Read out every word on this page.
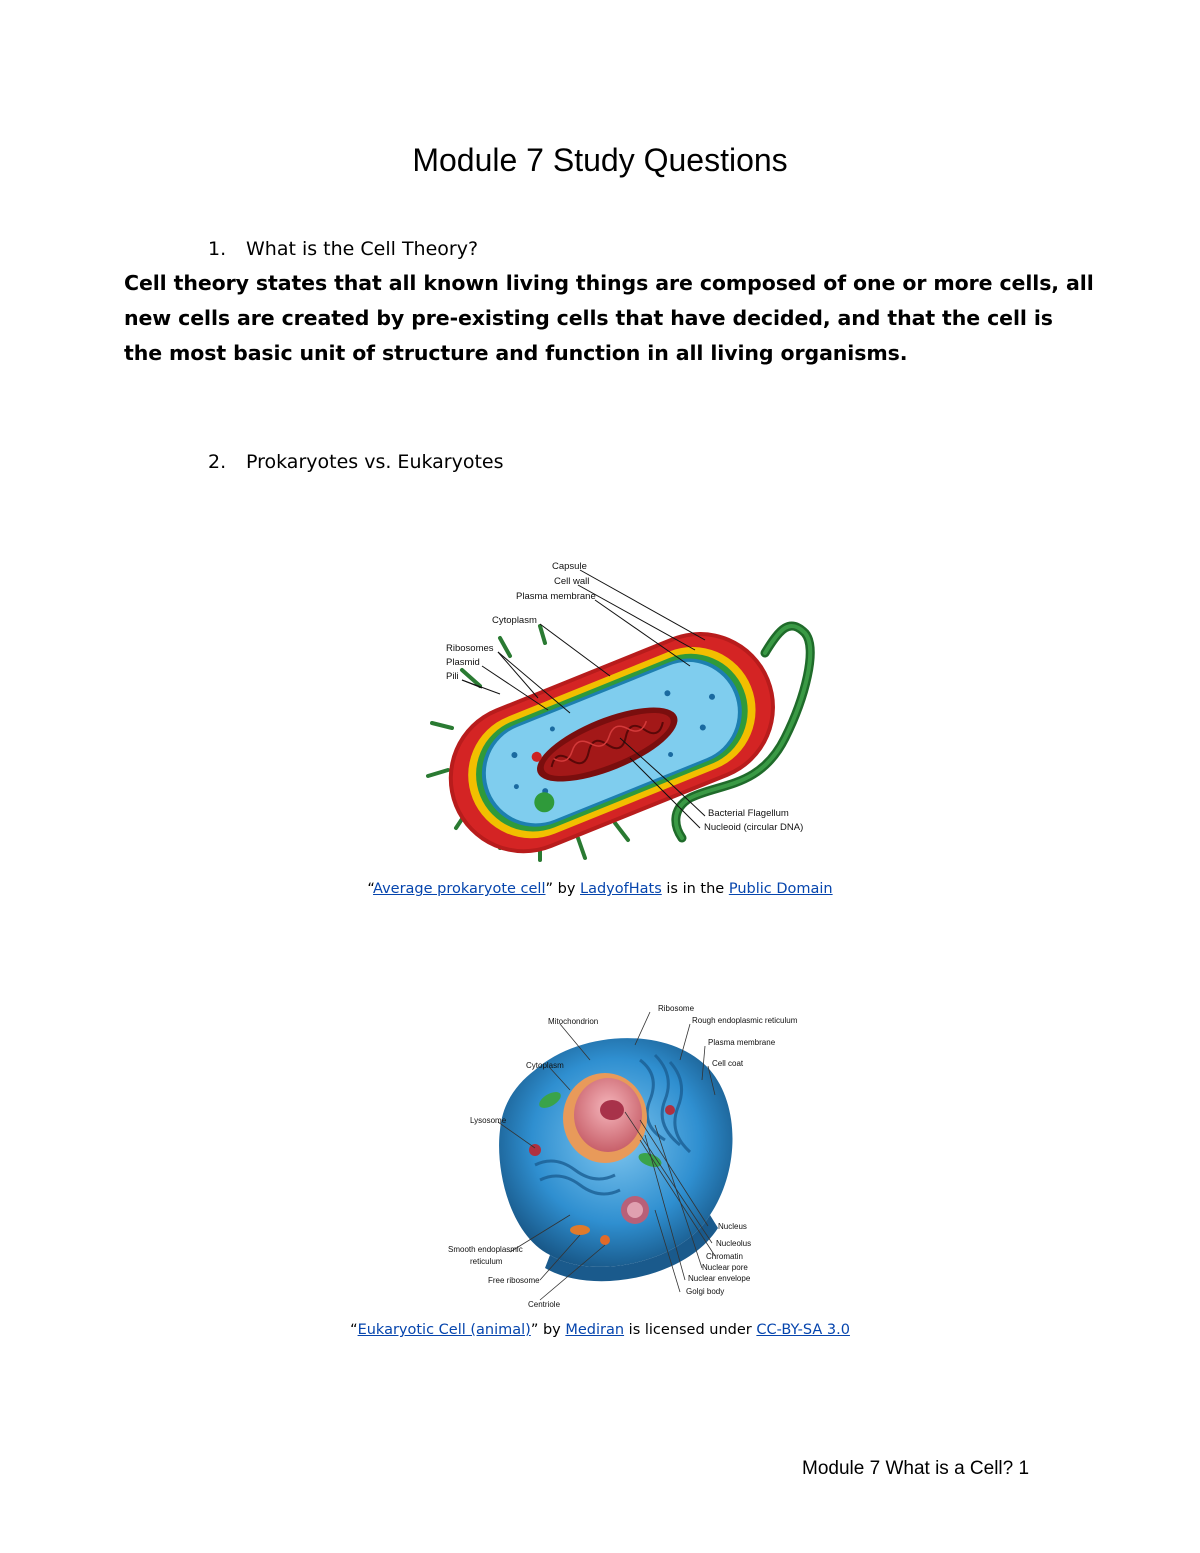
Module 7 Study Questions
1. What is the Cell Theory?
Cell theory states that all known living things are composed of one or more cells, all new cells are created by pre-existing cells that have decided, and that the cell is the most basic unit of structure and function in all living organisms.
2. Prokaryotes vs. Eukaryotes
Capsule
Cell wall
Plasma membrane
Cytoplasm
Ribosomes
Plasmid
Pili
Bacterial Flagellum
Nucleoid (circular DNA)
“Average prokaryote cell” by LadyofHats is in the Public Domain
Ribosome
Mitochondrion	Rough endoplasmic reticulum
Plasma membrane
Cytoplasm	Cell coat
Lysosome
Nucleus
Nucleolus
Chromatin
Nuclear pore
Nuclear envelope
Smooth endoplasmic
reticulum
Golgi body
Free ribosome
Centriole
“Eukaryotic Cell (animal)” by Mediran is licensed under CC-BY-SA 3.0
Module 7 What is a Cell? 1
